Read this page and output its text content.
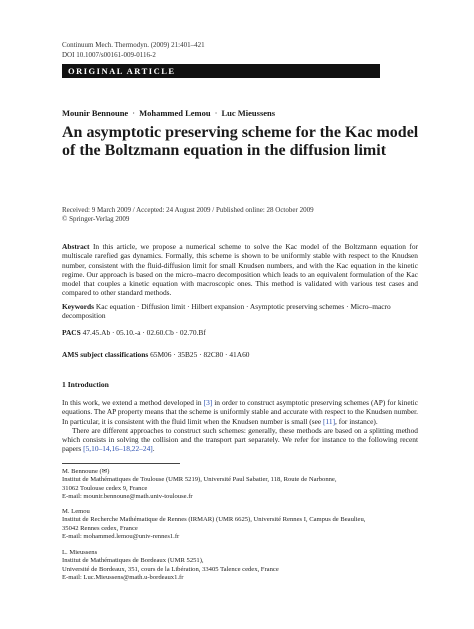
Continuum Mech. Thermodyn. (2009) 21:401–421
DOI 10.1007/s00161-009-0116-2
ORIGINAL ARTICLE
Mounir Bennoune · Mohammed Lemou · Luc Mieussens
An asymptotic preserving scheme for the Kac model
of the Boltzmann equation in the diffusion limit
Received: 9 March 2009 / Accepted: 24 August 2009 / Published online: 28 October 2009
© Springer-Verlag 2009
Abstract In this article, we propose a numerical scheme to solve the Kac model of the Boltzmann equation for multiscale rarefied gas dynamics. Formally, this scheme is shown to be uniformly stable with respect to the Knudsen number, consistent with the fluid-diffusion limit for small Knudsen numbers, and with the Kac equation in the kinetic regime. Our approach is based on the micro–macro decomposition which leads to an equivalent formulation of the Kac model that couples a kinetic equation with macroscopic ones. This method is validated with various test cases and compared to other standard methods.
Keywords Kac equation · Diffusion limit · Hilbert expansion · Asymptotic preserving schemes · Micro–macro decomposition
PACS 47.45.Ab · 05.10.-a · 02.60.Cb · 02.70.Bf
AMS subject classifications 65M06 · 35B25 · 82C80 · 41A60
1 Introduction

In this work, we extend a method developed in [3] in order to construct asymptotic preserving schemes (AP) for kinetic equations. The AP property means that the scheme is uniformly stable and accurate with respect to the Knudsen number. In particular, it is consistent with the fluid limit when the Knudsen number is small (see [11], for instance).

There are different approaches to construct such schemes: generally, these methods are based on a splitting method which consists in solving the collision and the transport part separately. We refer for instance to the following recent papers [5,10–14,16–18,22–24].

M. Bennoune (✉)
Institut de Mathématiques de Toulouse (UMR 5219), Université Paul Sabatier, 118, Route de Narbonne,
31062 Toulouse cedex 9, France
E-mail: mounir.bennoune@math.univ-toulouse.fr
M. Lemou
Institut de Recherche Mathématique de Rennes (IRMAR) (UMR 6625), Université Rennes I, Campus de Beaulieu,
35042 Rennes cedex, France
E-mail: mohammed.lemou@univ-rennes1.fr
L. Mieussens
Institut de Mathématiques de Bordeaux (UMR 5251),
Université de Bordeaux, 351, cours de la Libération, 33405 Talence cedex, France
E-mail: Luc.Mieussens@math.u-bordeaux1.fr
